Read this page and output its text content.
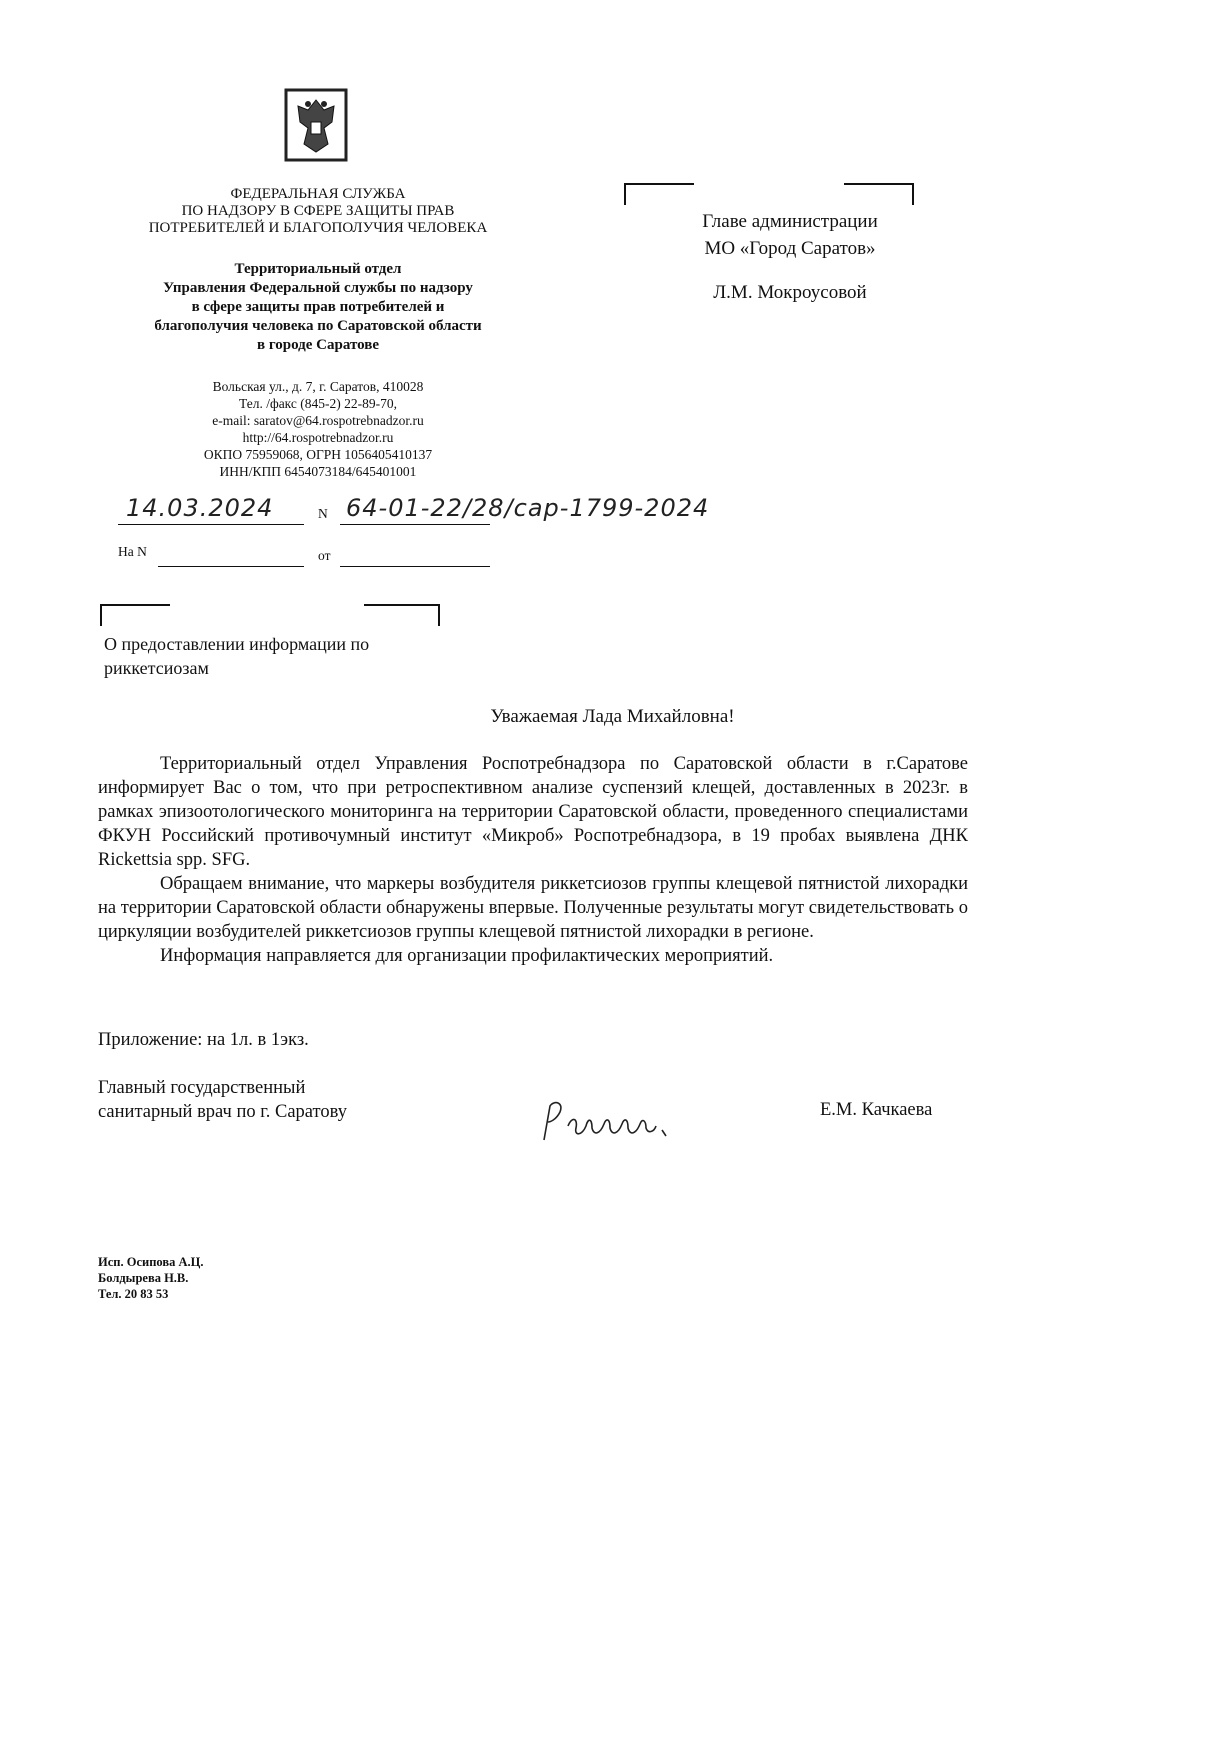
ФЕДЕРАЛЬНАЯ СЛУЖБА
ПО НАДЗОРУ В СФЕРЕ ЗАЩИТЫ ПРАВ
ПОТРЕБИТЕЛЕЙ И БЛАГОПОЛУЧИЯ ЧЕЛОВЕКА
Территориальный отдел
Управления Федеральной службы по надзору
в сфере защиты прав потребителей и
благополучия человека по Саратовской области
в городе Саратове
Вольская ул., д. 7, г. Саратов, 410028
Тел. /факс (845-2) 22-89-70,
e-mail: saratov@64.rospotrebnadzor.ru
http://64.rospotrebnadzor.ru
ОКПО 75959068, ОГРН 1056405410137
ИНН/КПП 6454073184/645401001
Главе администрации
МО «Город Саратов»
Л.М. Мокроусовой
14.03.2024	N 64-01-22/28/сар-1799-2024
На N	от
О предоставлении информации по риккетсиозам
Уважаемая Лада Михайловна!

Территориальный отдел Управления Роспотребнадзора по Саратовской области в г.Саратове информирует Вас о том, что при ретроспективном анализе суспензий клещей, доставленных в 2023г. в рамках эпизоотологического мониторинга на территории Саратовской области, проведенного специалистами ФКУН Российский противочумный институт «Микроб» Роспотребнадзора, в 19 пробах выявлена ДНК Rickettsia spp. SFG.

Обращаем внимание, что маркеры возбудителя риккетсиозов группы клещевой пятнистой лихорадки на территории Саратовской области обнаружены впервые. Полученные результаты могут свидетельствовать о циркуляции возбудителей риккетсиозов группы клещевой пятнистой лихорадки в регионе.

Информация направляется для организации профилактических мероприятий.

Приложение: на 1л. в 1экз.
Главный государственный
санитарный врач по г. Саратову	Е.М. Качкаева
Исп. Осипова А.Ц.
Болдырева Н.В.
Тел. 20 83 53
